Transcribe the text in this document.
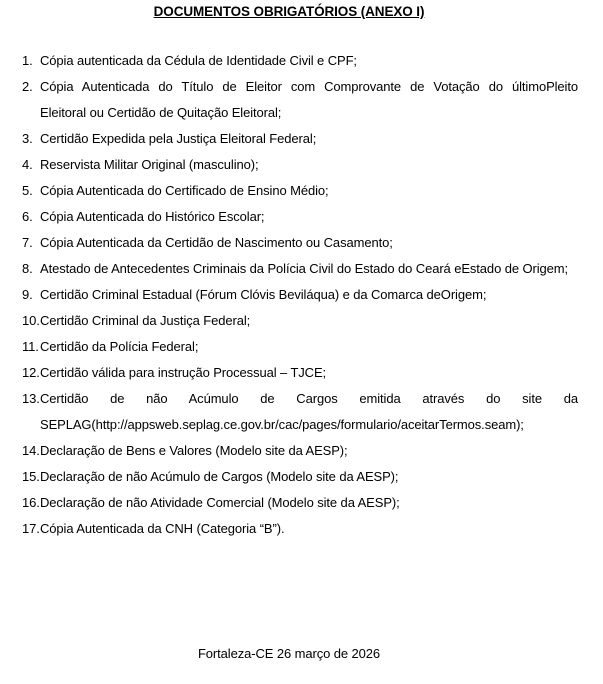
DOCUMENTOS OBRIGATÓRIOS (ANEXO I)
1. Cópia autenticada da Cédula de Identidade Civil e CPF;
2. Cópia Autenticada do Título de Eleitor com Comprovante de Votação do últimoPleito
Eleitoral ou Certidão de Quitação Eleitoral;
3. Certidão Expedida pela Justiça Eleitoral Federal;
4. Reservista Militar Original (masculino);
5. Cópia Autenticada do Certificado de Ensino Médio;
6. Cópia Autenticada do Histórico Escolar;
7. Cópia Autenticada da Certidão de Nascimento ou Casamento;
8. Atestado de Antecedentes Criminais da Polícia Civil do Estado do Ceará eEstado de Origem;
9. Certidão Criminal Estadual (Fórum Clóvis Beviláqua) e da Comarca deOrigem;
10. Certidão Criminal da Justiça Federal;
11. Certidão da Polícia Federal;
12. Certidão válida para instrução Processual – TJCE;
13. Certidão de não Acúmulo de Cargos emitida através do site da
SEPLAG(http://appsweb.seplag.ce.gov.br/cac/pages/formulario/aceitarTermos.seam);
14. Declaração de Bens e Valores (Modelo site da AESP);
15. Declaração de não Acúmulo de Cargos (Modelo site da AESP);
16. Declaração de não Atividade Comercial (Modelo site da AESP);
17. Cópia Autenticada da CNH (Categoria “B”).
Fortaleza-CE 26 março de 2026
